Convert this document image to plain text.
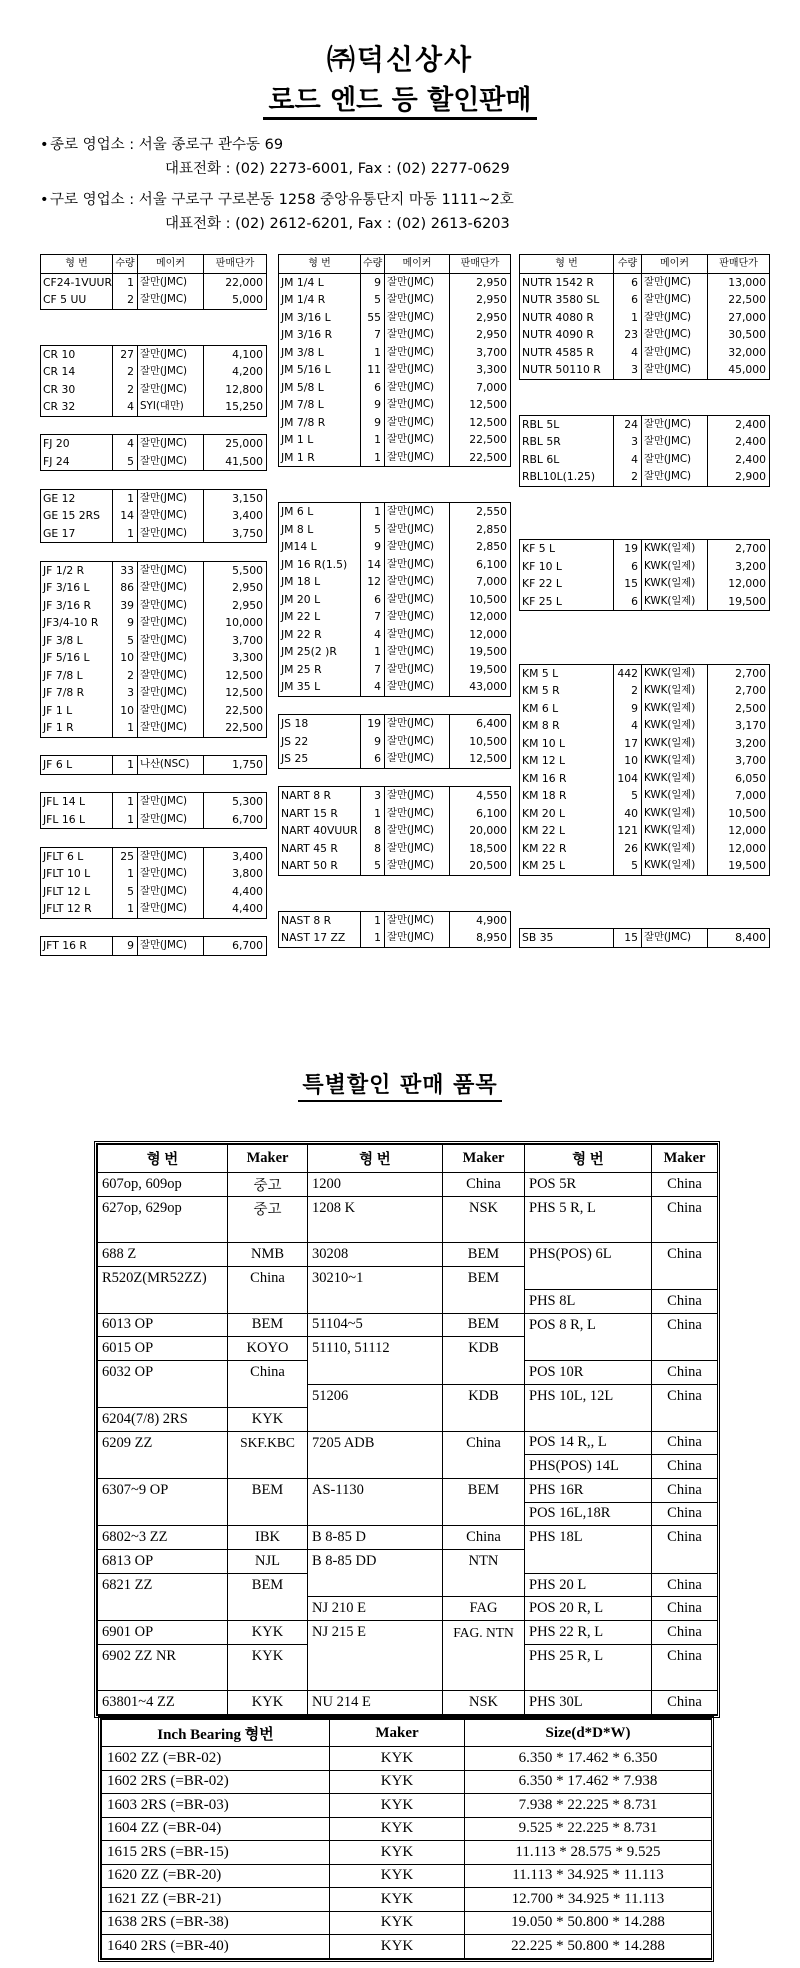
㈜덕신상사
로드 엔드 등 할인판매
•종로 영업소 : 서울 종로구 관수동 69
대표전화 : (02) 2273-6001, Fax : (02) 2277-0629
•구로 영업소 : 서울 구로구 구로본동 1258 중앙유통단지 마동 1111~2호
대표전화 : (02) 2612-6201, Fax : (02) 2613-6203
형 번	수량	메이커	판매단가
CF24-1VUUR	1	잘만(JMC)	22,000
CF 5 UU	2	잘만(JMC)	5,000

CR 10	27	잘만(JMC)	4,100
CR 14	2	잘만(JMC)	4,200
CR 30	2	잘만(JMC)	12,800
CR 32	4	SYI(대만)	15,250

FJ 20	4	잘만(JMC)	25,000
FJ 24	5	잘만(JMC)	41,500

GE 12	1	잘만(JMC)	3,150
GE 15 2RS	14	잘만(JMC)	3,400
GE 17	1	잘만(JMC)	3,750

JF 1/2 R	33	잘만(JMC)	5,500
JF 3/16 L	86	잘만(JMC)	2,950
JF 3/16 R	39	잘만(JMC)	2,950
JF3/4-10 R	9	잘만(JMC)	10,000
JF 3/8 L	5	잘만(JMC)	3,700
JF 5/16 L	10	잘만(JMC)	3,300
JF 7/8 L	2	잘만(JMC)	12,500
JF 7/8 R	3	잘만(JMC)	12,500
JF 1 L	10	잘만(JMC)	22,500
JF 1 R	1	잘만(JMC)	22,500

JF 6 L	1	나산(NSC)	1,750

JFL 14 L	1	잘만(JMC)	5,300
JFL 16 L	1	잘만(JMC)	6,700

JFLT 6 L	25	잘만(JMC)	3,400
JFLT 10 L	1	잘만(JMC)	3,800
JFLT 12 L	5	잘만(JMC)	4,400
JFLT 12 R	1	잘만(JMC)	4,400

JFT 16 R	9	잘만(JMC)	6,700
형 번	수량	메이커	판매단가
JM 1/4 L	9	잘만(JMC)	2,950
JM 1/4 R	5	잘만(JMC)	2,950
JM 3/16 L	55	잘만(JMC)	2,950
JM 3/16 R	7	잘만(JMC)	2,950
JM 3/8 L	1	잘만(JMC)	3,700
JM 5/16 L	11	잘만(JMC)	3,300
JM 5/8 L	6	잘만(JMC)	7,000
JM 7/8 L	9	잘만(JMC)	12,500
JM 7/8 R	9	잘만(JMC)	12,500
JM 1 L	1	잘만(JMC)	22,500
JM 1 R	1	잘만(JMC)	22,500

JM 6 L	1	잘만(JMC)	2,550
JM 8 L	5	잘만(JMC)	2,850
JM14 L	9	잘만(JMC)	2,850
JM 16 R(1.5)	14	잘만(JMC)	6,100
JM 18 L	12	잘만(JMC)	7,000
JM 20 L	6	잘만(JMC)	10,500
JM 22 L	7	잘만(JMC)	12,000
JM 22 R	4	잘만(JMC)	12,000
JM 25(2 )R	1	잘만(JMC)	19,500
JM 25 R	7	잘만(JMC)	19,500
JM 35 L	4	잘만(JMC)	43,000

JS 18	19	잘만(JMC)	6,400
JS 22	9	잘만(JMC)	10,500
JS 25	6	잘만(JMC)	12,500

NART 8 R	3	잘만(JMC)	4,550
NART 15 R	1	잘만(JMC)	6,100
NART 40VUUR	8	잘만(JMC)	20,000
NART 45 R	8	잘만(JMC)	18,500
NART 50 R	5	잘만(JMC)	20,500

NAST 8 R	1	잘만(JMC)	4,900
NAST 17 ZZ	1	잘만(JMC)	8,950
형 번	수량	메이커	판매단가
NUTR 1542 R	6	잘만(JMC)	13,000
NUTR 3580 SL	6	잘만(JMC)	22,500
NUTR 4080 R	1	잘만(JMC)	27,000
NUTR 4090 R	23	잘만(JMC)	30,500
NUTR 4585 R	4	잘만(JMC)	32,000
NUTR 50110 R	3	잘만(JMC)	45,000

RBL 5L	24	잘만(JMC)	2,400
RBL 5R	3	잘만(JMC)	2,400
RBL 6L	4	잘만(JMC)	2,400
RBL10L(1.25)	2	잘만(JMC)	2,900

KF 5 L	19	KWK(일제)	2,700
KF 10 L	6	KWK(일제)	3,200
KF 22 L	15	KWK(일제)	12,000
KF 25 L	6	KWK(일제)	19,500

KM 5 L	442	KWK(일제)	2,700
KM 5 R	2	KWK(일제)	2,700
KM 6 L	9	KWK(일제)	2,500
KM 8 R	4	KWK(일제)	3,170
KM 10 L	17	KWK(일제)	3,200
KM 12 L	10	KWK(일제)	3,700
KM 16 R	104	KWK(일제)	6,050
KM 18 R	5	KWK(일제)	7,000
KM 20 L	40	KWK(일제)	10,500
KM 22 L	121	KWK(일제)	12,000
KM 22 R	26	KWK(일제)	12,000
KM 25 L	5	KWK(일제)	19,500

SB 35	15	잘만(JMC)	8,400
특별할인 판매 품목
형 번	Maker	형 번	Maker	형 번	Maker
607op, 609op	중고	1200	China	POS 5R	China
627op, 629op	중고	1208 K	NSK	PHS 5 R, L	China

688 Z	NMB	30208	BEM	PHS(POS) 6L	China
R520Z(MR52ZZ)	China	30210~1	BEM		
				PHS 8L	China
6013 OP	BEM	51104~5	BEM	POS 8 R, L	China
6015 OP	KOYO	51110, 51112	KDB		
6032 OP	China			POS 10R	China
		51206	KDB	PHS 10L, 12L	China
6204(7/8) 2RS	KYK				
6209 ZZ	SKF.KBC	7205 ADB	China	POS 14 R,, L	China
				PHS(POS) 14L	China
6307~9 OP	BEM	AS-1130	BEM	PHS 16R	China
				POS 16L,18R	China
6802~3 ZZ	IBK	B 8-85 D	China	PHS 18L	China
6813 OP	NJL	B 8-85 DD	NTN		
6821 ZZ	BEM			PHS 20 L	China
		NJ 210 E	FAG	POS 20 R, L	China
6901 OP	KYK	NJ 215 E	FAG. NTN	PHS 22 R, L	China
6902 ZZ NR	KYK			PHS 25 R, L	China

63801~4 ZZ	KYK	NU 214 E	NSK	PHS 30L	China
Inch Bearing 형번	Maker	Size(d*D*W)
1602 ZZ (=BR-02)	KYK	6.350 * 17.462 * 6.350
1602 2RS (=BR-02)	KYK	6.350 * 17.462 * 7.938
1603 2RS (=BR-03)	KYK	7.938 * 22.225 * 8.731
1604 ZZ (=BR-04)	KYK	9.525 * 22.225 * 8.731
1615 2RS (=BR-15)	KYK	11.113 * 28.575 * 9.525
1620 ZZ (=BR-20)	KYK	11.113 * 34.925 * 11.113
1621 ZZ (=BR-21)	KYK	12.700 * 34.925 * 11.113
1638 2RS (=BR-38)	KYK	19.050 * 50.800 * 14.288
1640 2RS (=BR-40)	KYK	22.225 * 50.800 * 14.288
